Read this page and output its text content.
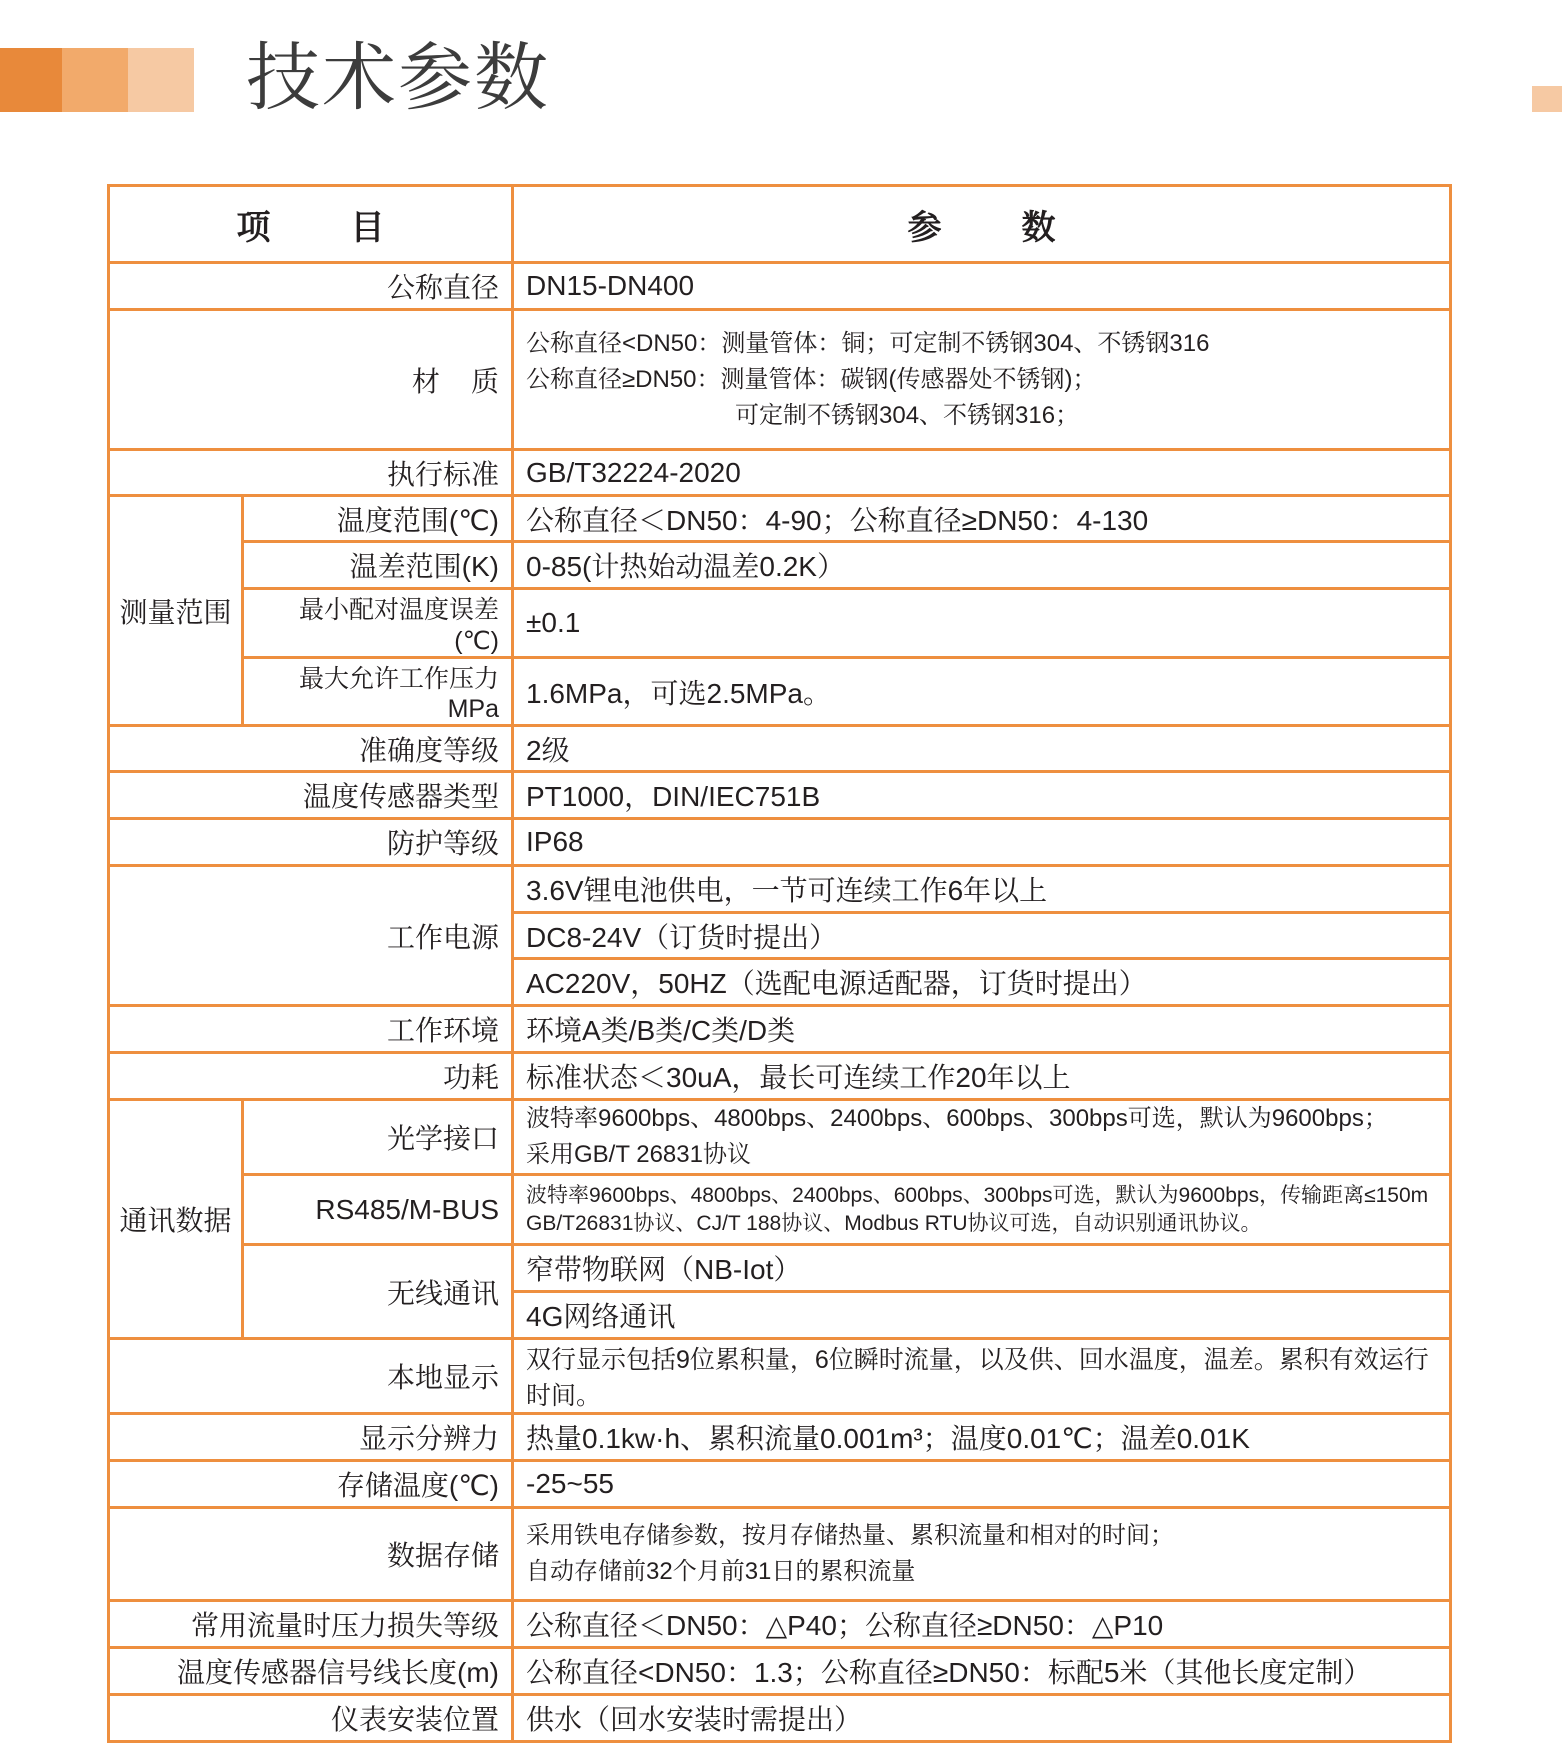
技术参数
项 目		参 数
公称直径		DN15-DN400
材    质		公称直径<DN50：测量管体：铜；可定制不锈钢304、不锈钢316
公称直径≥DN50：测量管体：碳钢(传感器处不锈钢)；
可定制不锈钢304、不锈钢316；

执行标准		GB/T32224-2020
测量范围	温度范围(℃)	公称直径＜DN50：4-90；公称直径≥DN50：4-130
	温差范围(K)	0-85(计热始动温差0.2K）
	最小配对温度误差(℃)	±0.1
	最大允许工作压力MPa	1.6MPa，可选2.5MPa。
准确度等级		2级
温度传感器类型		PT1000，DIN/IEC751B
防护等级		IP68
工作电源		3.6V锂电池供电，一节可连续工作6年以上
		DC8-24V（订货时提出）
		AC220V，50HZ（选配电源适配器，订货时提出）
工作环境		环境A类/B类/C类/D类
功耗		标准状态＜30uA，最长可连续工作20年以上
通讯数据	光学接口	波特率9600bps、4800bps、2400bps、600bps、300bps可选，默认为9600bps；
采用GB/T 26831协议

	RS485/M-BUS	波特率9600bps、4800bps、2400bps、600bps、300bps可选，默认为9600bps，传输距离≤150m
GB/T26831协议、CJ/T 188协议、Modbus RTU协议可选，自动识别通讯协议。

	无线通讯	窄带物联网（NB-Iot）
		4G网络通讯
本地显示		双行显示包括9位累积量，6位瞬时流量，以及供、回水温度，温差。累积有效运行时间。
显示分辨力		热量0.1kw·h、累积流量0.001m³；温度0.01℃；温差0.01K
存储温度(℃)		-25~55
数据存储		采用铁电存储参数，按月存储热量、累积流量和相对的时间；
自动存储前32个月前31日的累积流量

常用流量时压力损失等级		公称直径＜DN50：△P40；公称直径≥DN50：△P10
温度传感器信号线长度(m)		公称直径<DN50：1.3；公称直径≥DN50：标配5米（其他长度定制）
仪表安装位置		供水（回水安装时需提出）
